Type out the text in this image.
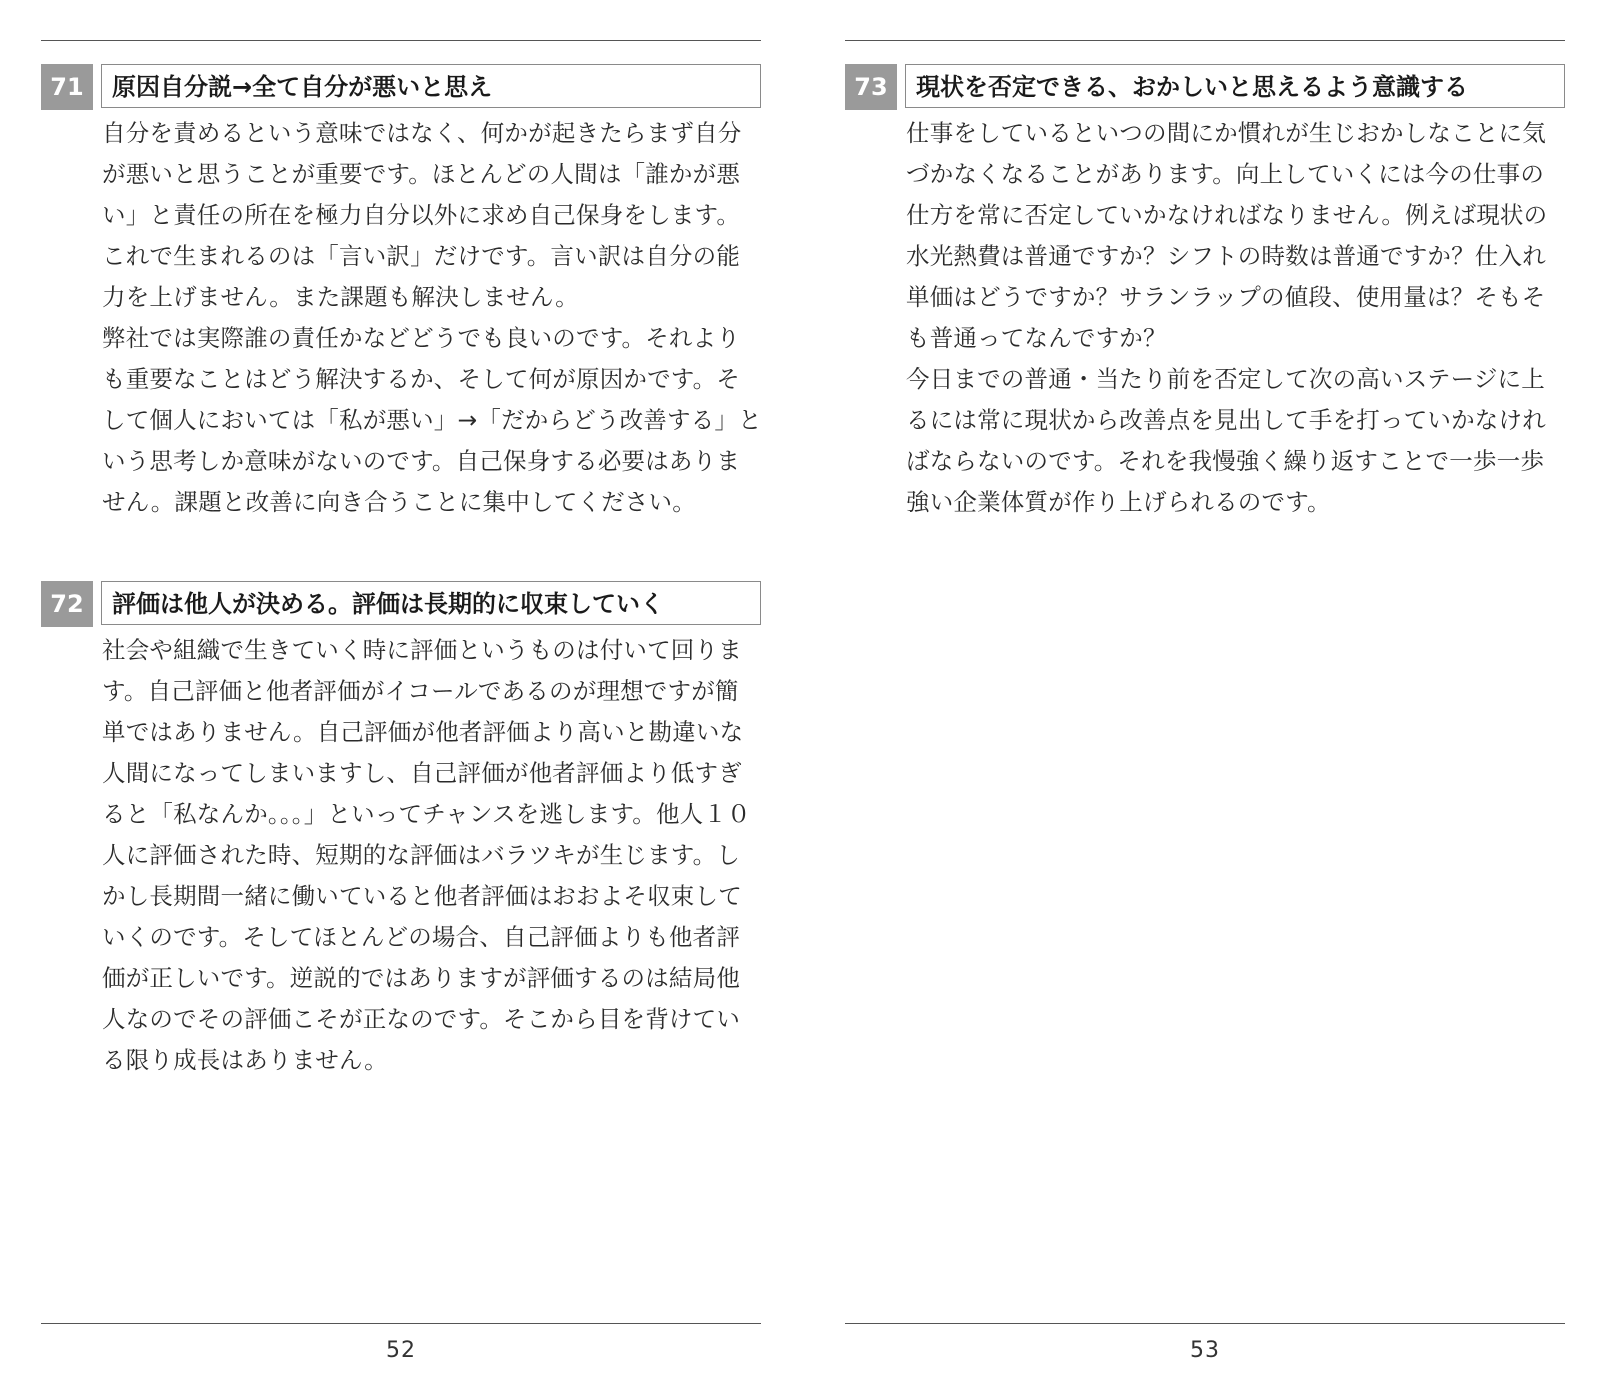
71	原因自分説→全て自分が悪いと思え

自分を責めるという意味ではなく、何かが起きたらまず自分が悪いと思うことが重要です。ほとんどの人間は「誰かが悪い」と責任の所在を極力自分以外に求め自己保身をします。

これで生まれるのは「言い訳」だけです。言い訳は自分の能力を上げません。また課題も解決しません。

弊社では実際誰の責任かなどどうでも良いのです。それよりも重要なことはどう解決するか、そして何が原因かです。そして個人においては「私が悪い」→「だからどう改善する」という思考しか意味がないのです。自己保身する必要はありません。課題と改善に向き合うことに集中してください。

72	評価は他人が決める。評価は長期的に収束していく

社会や組織で生きていく時に評価というものは付いて回ります。自己評価と他者評価がイコールであるのが理想ですが簡単ではありません。自己評価が他者評価より高いと勘違いな人間になってしまいますし、自己評価が他者評価より低すぎると「私なんか。。。」といってチャンスを逃します。他人１０人に評価された時、短期的な評価はバラツキが生じます。しかし長期間一緒に働いていると他者評価はおおよそ収束していくのです。そしてほとんどの場合、自己評価よりも他者評価が正しいです。逆説的ではありますが評価するのは結局他人なのでその評価こそが正なのです。そこから目を背けている限り成長はありません。

52
73	現状を否定できる、おかしいと思えるよう意識する

仕事をしているといつの間にか慣れが生じおかしなことに気づかなくなることがあります。向上していくには今の仕事の仕方を常に否定していかなければなりません。例えば現状の水光熱費は普通ですか？シフトの時数は普通ですか？仕入れ単価はどうですか？サランラップの値段、使用量は？そもそも普通ってなんですか？

今日までの普通・当たり前を否定して次の高いステージに上るには常に現状から改善点を見出して手を打っていかなければならないのです。それを我慢強く繰り返すことで一歩一歩強い企業体質が作り上げられるのです。

53
